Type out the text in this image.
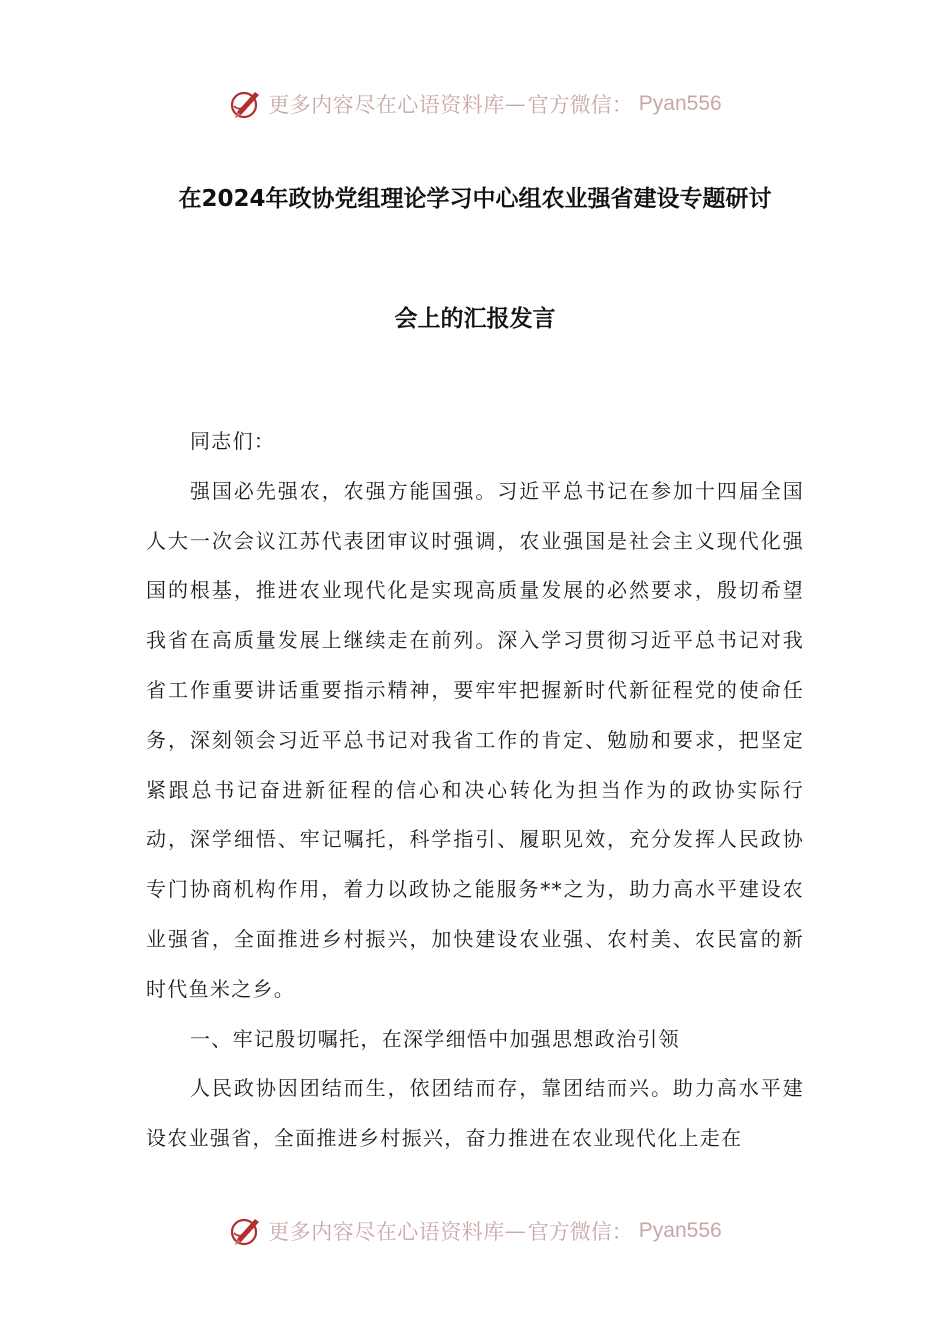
更多内容尽在心语资料库 — 官方微信： Pyan556
在2024年政协党组理论学习中心组农业强省建设专题研讨
会上的汇报发言

同志们：

强国必先强农，农强方能国强。习近平总书记在参加十四届全国人大一次会议江苏代表团审议时强调，农业强国是社会主义现代化强国的根基，推进农业现代化是实现高质量发展的必然要求，殷切希望我省在高质量发展上继续走在前列。深入学习贯彻习近平总书记对我省工作重要讲话重要指示精神，要牢牢把握新时代新征程党的使命任务，深刻领会习近平总书记对我省工作的肯定、勉励和要求，把坚定紧跟总书记奋进新征程的信心和决心转化为担当作为的政协实际行动，深学细悟、牢记嘱托，科学指引、履职见效，充分发挥人民政协专门协商机构作用，着力以政协之能服务**之为，助力高水平建设农业强省，全面推进乡村振兴，加快建设农业强、农村美、农民富的新时代鱼米之乡。

一、牢记殷切嘱托，在深学细悟中加强思想政治引领

人民政协因团结而生，依团结而存，靠团结而兴。助力高水平建设农业强省，全面推进乡村振兴，奋力推进在农业现代化上走在

更多内容尽在心语资料库 — 官方微信： Pyan556
